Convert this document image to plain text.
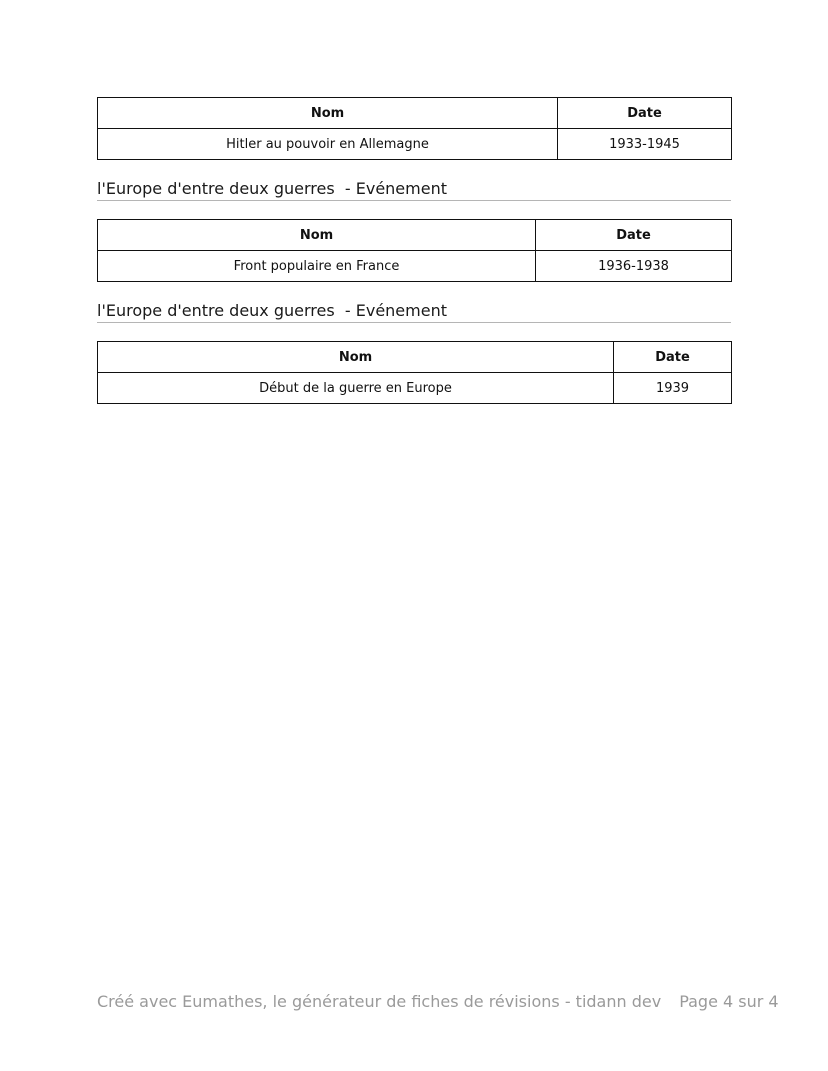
Nom	Date
Hitler au pouvoir en Allemagne	1933-1945
l'Europe d'entre deux guerres  - Evénement
Nom	Date
Front populaire en France	1936-1938
l'Europe d'entre deux guerres  - Evénement
Nom	Date
Début de la guerre en Europe	1939
Créé avec Eumathes, le générateur de fiches de révisions - tidann dev Page 4 sur 4
